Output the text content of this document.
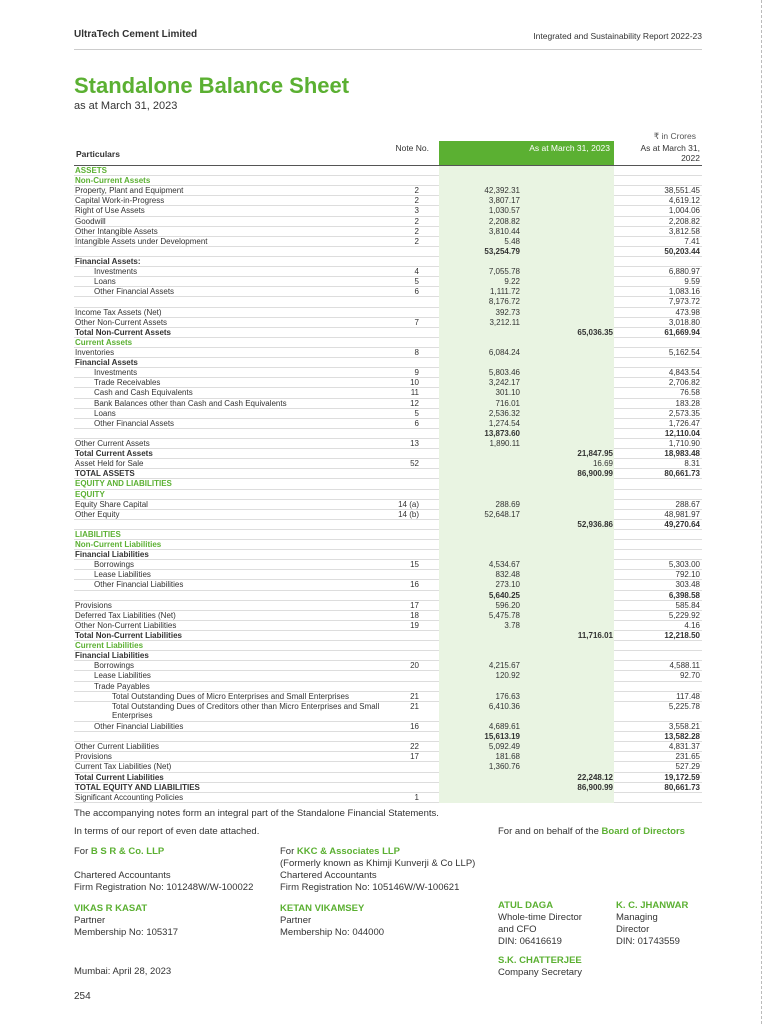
UltraTech Cement Limited	Integrated and Sustainability Report 2022-23
Standalone Balance Sheet
as at March 31, 2023
₹ in Crores
Particulars
Note No.	As at March 31, 2023	As at March 31, 2022
ASSETS
Non-Current Assets
Property, Plant and Equipment	2	42,392.31	38,551.45
Capital Work-in-Progress	2	3,807.17	4,619.12
Right of Use Assets	3	1,030.57	1,004.06
Goodwill	2	2,208.82	2,208.82
Other Intangible Assets	2	3,810.44	3,812.58
Intangible Assets under Development	2	5.48	7.41
53,254.79	50,203.44
Financial Assets:
Investments	4	7,055.78	6,880.97
Loans	5	9.22	9.59
Other Financial Assets	6	1,111.72	1,083.16
8,176.72	7,973.72
Income Tax Assets (Net)	392.73	473.98
Other Non-Current Assets	7	3,212.11	3,018.80
Total Non-Current Assets	65,036.35	61,669.94
Current Assets
Inventories	8	6,084.24	5,162.54
Financial Assets
Investments	9	5,803.46	4,843.54
Trade Receivables	10	3,242.17	2,706.82
Cash and Cash Equivalents	11	301.10	76.58
Bank Balances other than Cash and Cash Equivalents	12	716.01	183.28
Loans	5	2,536.32	2,573.35
Other Financial Assets	6	1,274.54	1,726.47
13,873.60	12,110.04
Other Current Assets	13	1,890.11	1,710.90
Total Current Assets	21,847.95	18,983.48
Asset Held for Sale	52	16.69	8.31
TOTAL ASSETS	86,900.99	80,661.73
EQUITY AND LIABILITIES
EQUITY
Equity Share Capital	14 (a)	288.69	288.67
Other Equity	14 (b)	52,648.17	48,981.97
52,936.86	49,270.64
LIABILITIES
Non-Current Liabilities
Financial Liabilities
Borrowings	15	4,534.67	5,303.00
Lease Liabilities	832.48	792.10
Other Financial Liabilities	16	273.10	303.48
5,640.25	6,398.58
Provisions	17	596.20	585.84
Deferred Tax Liabilities (Net)	18	5,475.78	5,229.92
Other Non-Current Liabilities	19	3.78	4.16
Total Non-Current Liabilities	11,716.01	12,218.50
Current Liabilities
Financial Liabilities
Borrowings	20	4,215.67	4,588.11
Lease Liabilities	120.92	92.70
Trade Payables
Total Outstanding Dues of Micro Enterprises and Small Enterprises	21	176.63	117.48
Total Outstanding Dues of Creditors other than Micro Enterprises and Small Enterprises
21	6,410.36	5,225.78
Other Financial Liabilities	16	4,689.61	3,558.21
15,613.19	13,582.28
Other Current Liabilities	22	5,092.49	4,831.37
Provisions	17	181.68	231.65
Current Tax Liabilities (Net)	1,360.76	527.29
Total Current Liabilities	22,248.12	19,172.59
TOTAL EQUITY AND LIABILITIES	86,900.99	80,661.73
Significant Accounting Policies	1
The accompanying notes form an integral part of the Standalone Financial Statements.
In terms of our report of even date attached.	For and on behalf of the Board of Directors
For B S R & Co. LLP
Chartered Accountants
Firm Registration No: 101248W/W-100022
VIKAS R KASAT
Partner
Membership No: 105317
For KKC & Associates LLP
(Formerly known as Khimji Kunverji & Co LLP)
Chartered Accountants
Firm Registration No: 105146W/W-100621
KETAN VIKAMSEY
Partner
Membership No: 044000
ATUL DAGA
Whole-time Director
and CFO
DIN: 06416619
S.K. CHATTERJEE
Company Secretary
K. C. JHANWAR
Managing
Director
DIN: 01743559
Mumbai: April 28, 2023
254
